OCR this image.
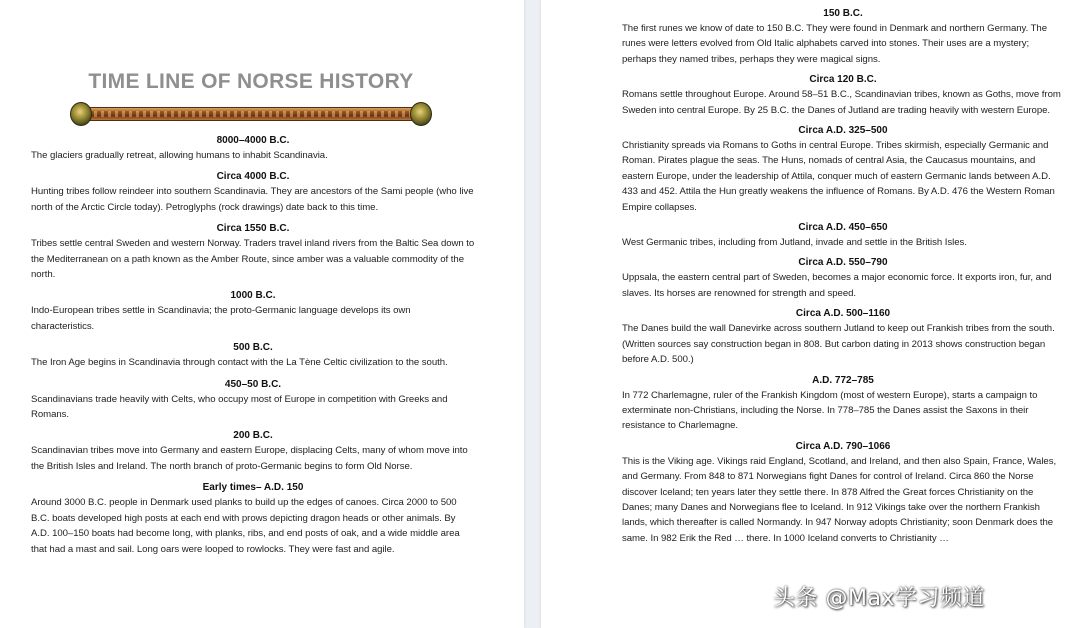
TIME LINE OF NORSE HISTORY
8000–4000 B.C.
The glaciers gradually retreat, allowing humans to inhabit Scandinavia.
Circa 4000 B.C.
Hunting tribes follow reindeer into southern Scandinavia. They are ancestors of the Sami people (who live north of the Arctic Circle today). Petroglyphs (rock drawings) date back to this time.
Circa 1550 B.C.
Tribes settle central Sweden and western Norway. Traders travel inland rivers from the Baltic Sea down to the Mediterranean on a path known as the Amber Route, since amber was a valuable commodity of the north.
1000 B.C.
Indo-European tribes settle in Scandinavia; the proto-Germanic language develops its own characteristics.
500 B.C.
The Iron Age begins in Scandinavia through contact with the La Tène Celtic civilization to the south.
450–50 B.C.
Scandinavians trade heavily with Celts, who occupy most of Europe in competition with Greeks and Romans.
200 B.C.
Scandinavian tribes move into Germany and eastern Europe, displacing Celts, many of whom move into the British Isles and Ireland. The north branch of proto-Germanic begins to form Old Norse.
Early times– A.D. 150
Around 3000 B.C. people in Denmark used planks to build up the edges of canoes. Circa 2000 to 500 B.C. boats developed high posts at each end with prows depicting dragon heads or other animals. By A.D. 100–150 boats had become long, with planks, ribs, and end posts of oak, and a wide middle area that had a mast and sail. Long oars were looped to rowlocks. They were fast and agile.
150 B.C.
The first runes we know of date to 150 B.C. They were found in Denmark and northern Germany. The runes were letters evolved from Old Italic alphabets carved into stones. Their uses are a mystery; perhaps they named tribes, perhaps they were magical signs.
Circa 120 B.C.
Romans settle throughout Europe. Around 58–51 B.C., Scandinavian tribes, known as Goths, move from Sweden into central Europe. By 25 B.C. the Danes of Jutland are trading heavily with western Europe.
Circa A.D. 325–500
Christianity spreads via Romans to Goths in central Europe. Tribes skirmish, especially Germanic and Roman. Pirates plague the seas. The Huns, nomads of central Asia, the Caucasus mountains, and eastern Europe, under the leadership of Attila, conquer much of eastern Germanic lands between A.D. 433 and 452. Attila the Hun greatly weakens the influence of Romans. By A.D. 476 the Western Roman Empire collapses.
Circa A.D. 450–650
West Germanic tribes, including from Jutland, invade and settle in the British Isles.
Circa A.D. 550–790
Uppsala, the eastern central part of Sweden, becomes a major economic force. It exports iron, fur, and slaves. Its horses are renowned for strength and speed.
Circa A.D. 500–1160
The Danes build the wall Danevirke across southern Jutland to keep out Frankish tribes from the south. (Written sources say construction began in 808. But carbon dating in 2013 shows construction began before A.D. 500.)
A.D. 772–785
In 772 Charlemagne, ruler of the Frankish Kingdom (most of western Europe), starts a campaign to exterminate non-Christians, including the Norse. In 778–785 the Danes assist the Saxons in their resistance to Charlemagne.
Circa A.D. 790–1066
This is the Viking age. Vikings raid England, Scotland, and Ireland, and then also Spain, France, Wales, and Germany. From 848 to 871 Norwegians fight Danes for control of Ireland. Circa 860 the Norse discover Iceland; ten years later they settle there. In 878 Alfred the Great forces Christianity on the Danes; many Danes and Norwegians flee to Iceland. In 912 Vikings take over the northern Frankish lands, which thereafter is called Normandy. In 947 Norway adopts Christianity; soon Denmark does the same. In 982 Erik the Red … there. In 1000 Iceland converts to Christianity …
头条 @Max学习频道
